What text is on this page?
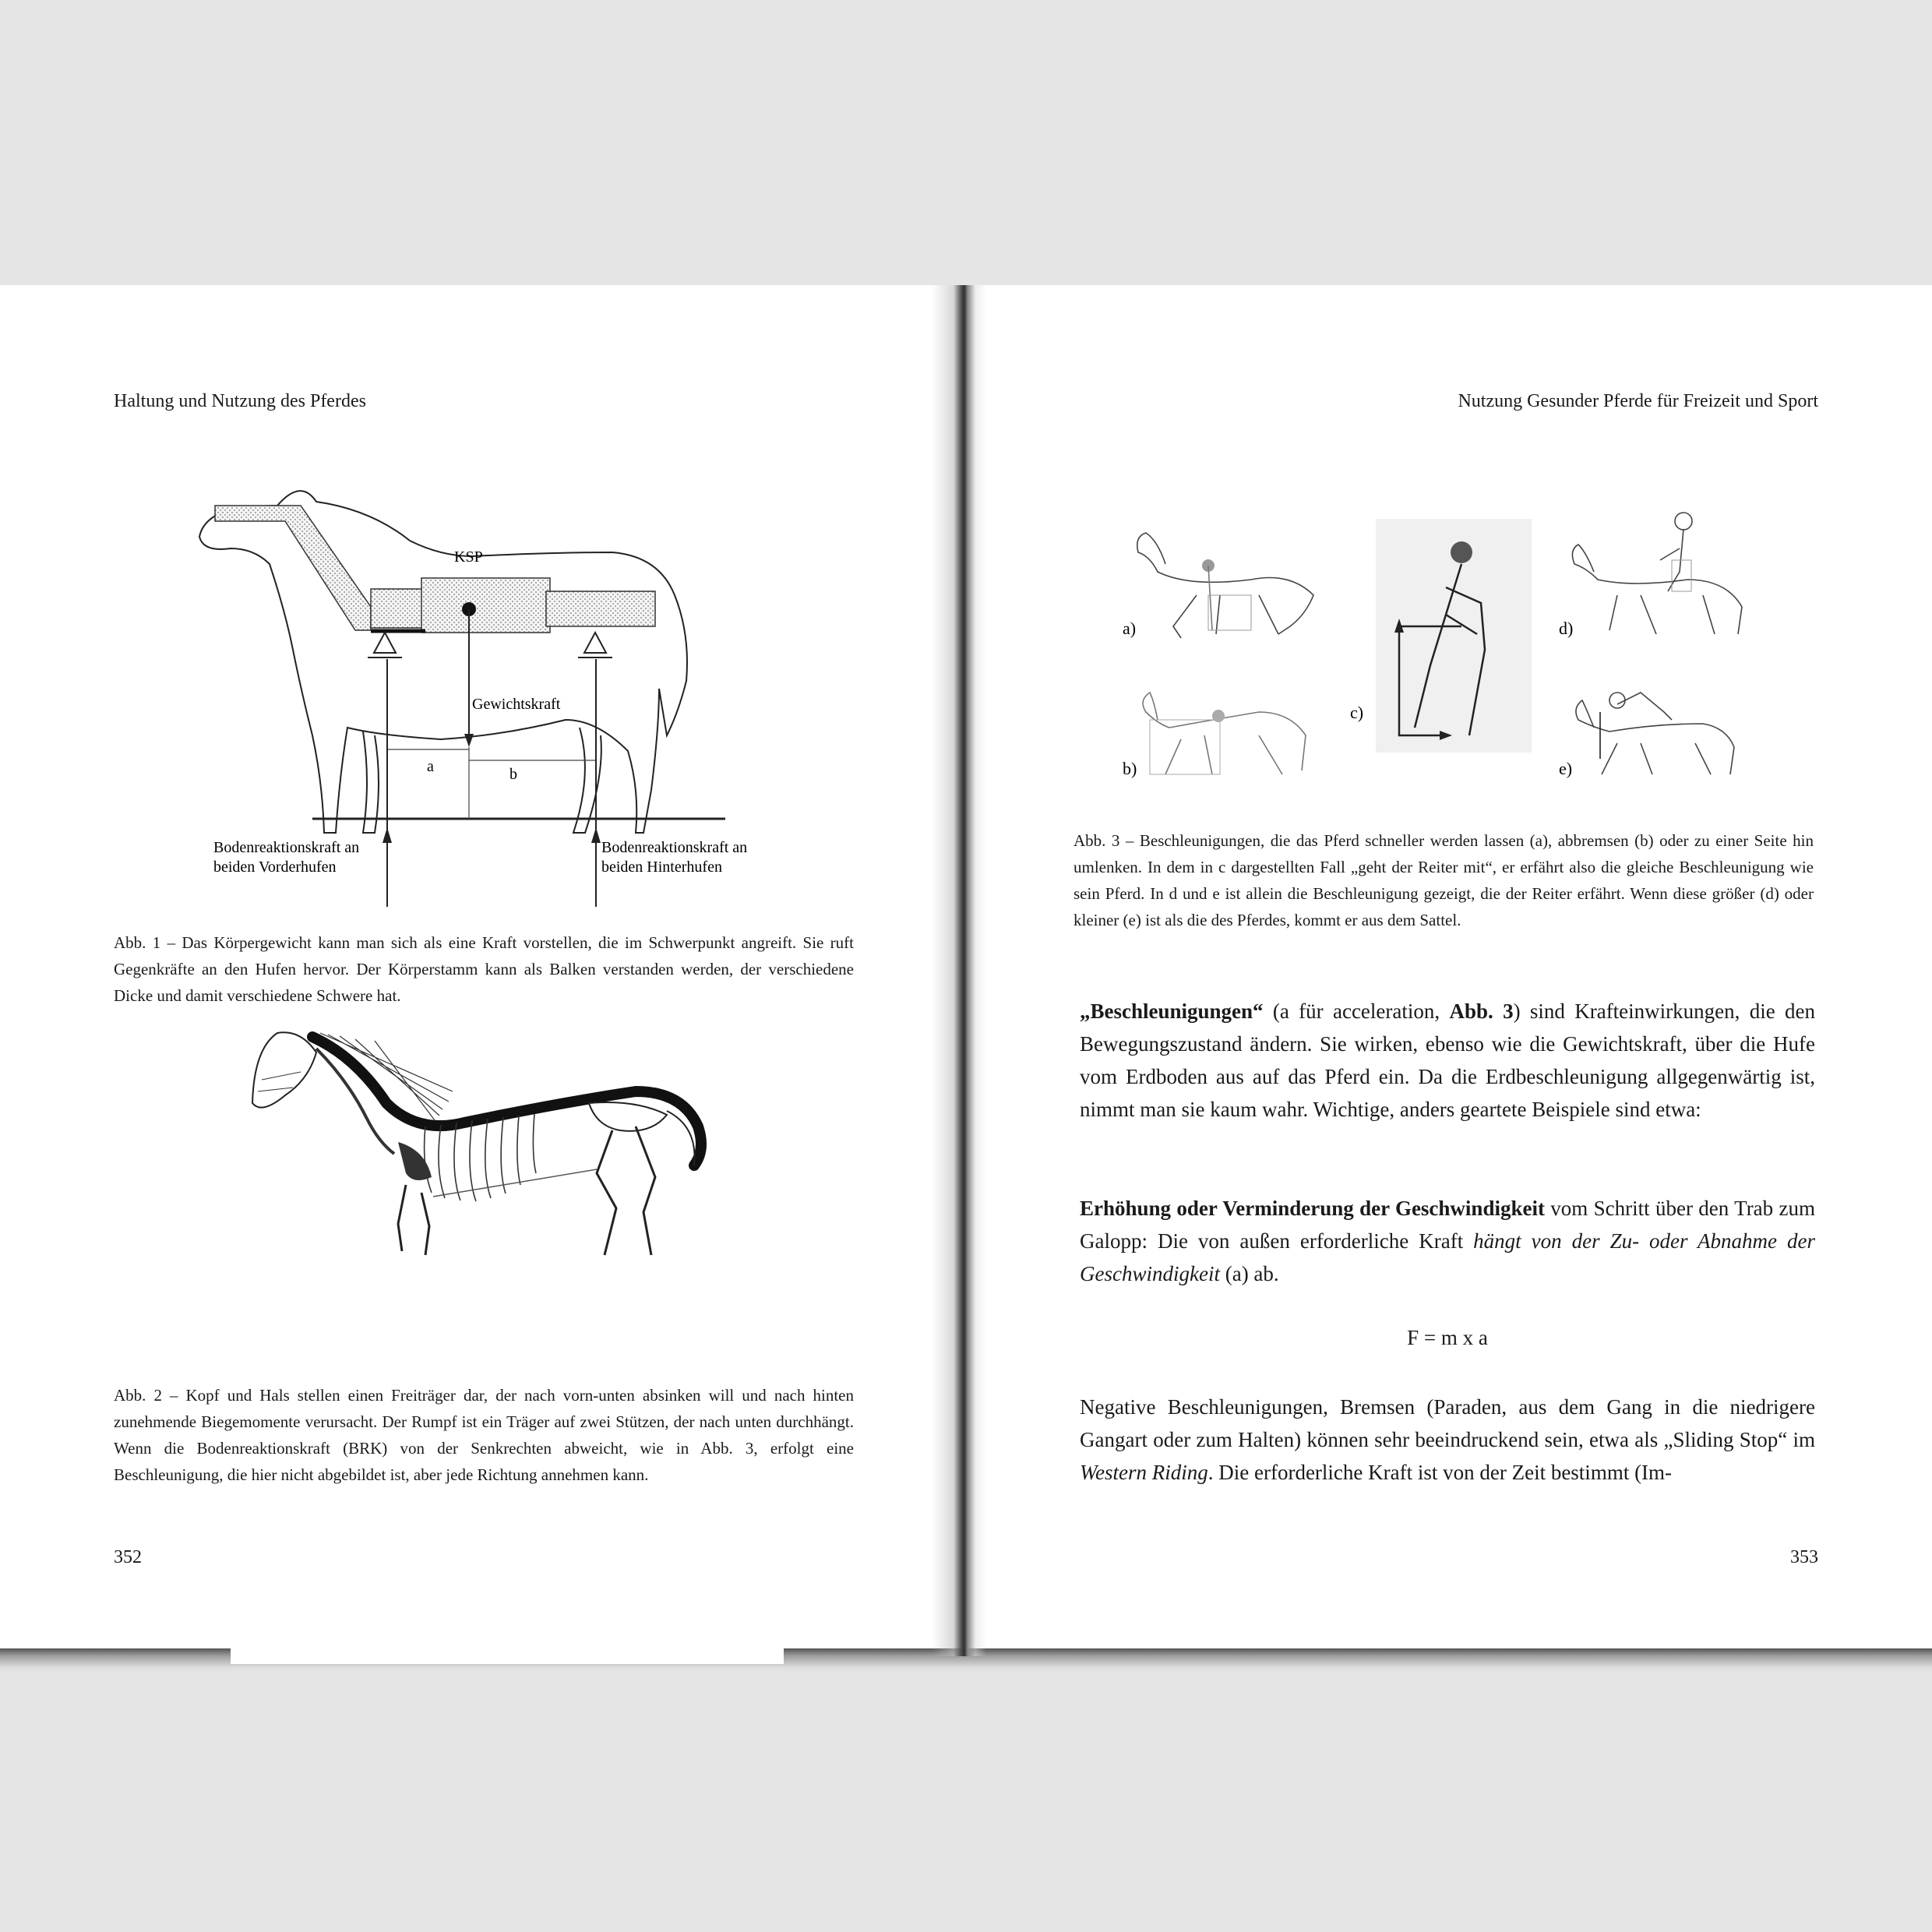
Haltung und Nutzung des Pferdes
KSP
Gewichtskraft
a	b
Bodenreaktionskraft an
beiden Vorderhufen
Bodenreaktionskraft an
beiden Hinterhufen
Abb. 1 – Das Körpergewicht kann man sich als eine Kraft vorstellen, die im Schwerpunkt angreift. Sie ruft Gegenkräfte an den Hufen hervor. Der Körperstamm kann als Balken verstanden werden, der verschiedene Dicke und damit verschiedene Schwere hat.
Abb. 2 – Kopf und Hals stellen einen Freiträger dar, der nach vorn-unten absinken will und nach hinten zunehmende Biegemomente verursacht. Der Rumpf ist ein Träger auf zwei Stützen, der nach unten durchhängt. Wenn die Bodenreaktionskraft (BRK) von der Senkrechten abweicht, wie in Abb. 3, erfolgt eine Beschleunigung, die hier nicht abgebildet ist, aber jede Richtung annehmen kann.
352
Nutzung Gesunder Pferde für Freizeit und Sport
a)
b)
c)
d)
e)
Abb. 3 – Beschleunigungen, die das Pferd schneller werden lassen (a), abbremsen (b) oder zu einer Seite hin umlenken. In dem in c dargestellten Fall „geht der Reiter mit“, er erfährt also die gleiche Beschleunigung wie sein Pferd. In d und e ist allein die Beschleunigung gezeigt, die der Reiter erfährt. Wenn diese größer (d) oder kleiner (e) ist als die des Pferdes, kommt er aus dem Sattel.

„Beschleunigungen“ (a für acceleration, Abb. 3) sind Krafteinwirkungen, die den Bewegungszustand ändern. Sie wirken, ebenso wie die Gewichtskraft, über die Hufe vom Erdboden aus auf das Pferd ein. Da die Erdbeschleunigung allgegenwärtig ist, nimmt man sie kaum wahr. Wichtige, anders geartete Beispiele sind etwa:

Erhöhung oder Verminderung der Geschwindigkeit vom Schritt über den Trab zum Galopp: Die von außen erforderliche Kraft hängt von der Zu- oder Abnahme der Geschwindigkeit (a) ab.

F = m x a

Negative Beschleunigungen, Bremsen (Paraden, aus dem Gang in die niedrigere Gangart oder zum Halten) können sehr beeindruckend sein, etwa als „Sliding Stop“ im Western Riding. Die erforderliche Kraft ist von der Zeit bestimmt (Im-

353
